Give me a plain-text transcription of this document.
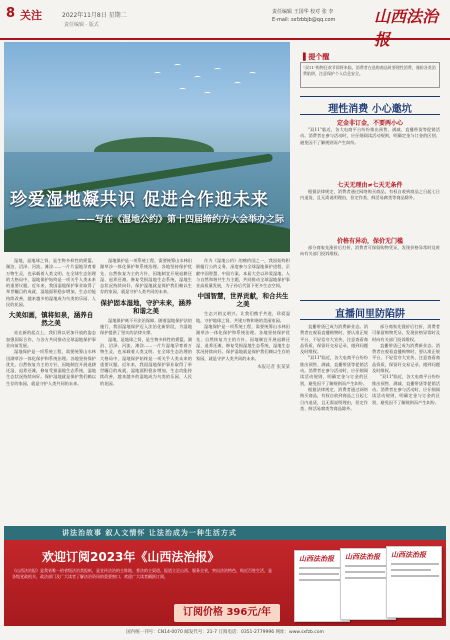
8 关注	2022年11月8日 星期二
责任编辑 · 版式
责任编辑 王国华 校对 张 李
E-mail: sxfzbbjb@qq.com 山西法治报
珍爱湿地凝共识 促进合作迎未来
——写在《湿地公约》第十四届缔约方大会举办之际

湿地，是地球之肾，是生物多样性的摇篮。湖泊、沼泽、河流、滩涂……一片片湿地孕育着万物生灵，也承载着人类文明。在全球生态治理的大格局中，湿地保护始终是一项关乎人类未来的重要议题。近年来，我国湿地保护事业取得了举世瞩目的成就，湿地面积稳步增加，生态功能持续改善，越来越多的湿地成为鸟类的乐园、人民的花园。

大美如画，镇将如泉，涵养自然之美

站在新的起点上，我们将以更加开放的姿态加强国际合作，与各方共同推动全球湿地保护事业向前发展。

湿地保护是一项系统工程，需要统筹山水林田湖草沙一体化保护和系统治理。各地坚持保护优先、自然恢复为主的方针，因地制宜开展退耕还湿、退养还滩，修复受损湿地生态系统，湿地生态状况持续向好。保护湿地就是保护我们赖以生存的家园，就是守护人类共同的未来。

湿地保护是一项系统工程，需要统筹山水林田湖草沙一体化保护和系统治理。各地坚持保护优先、自然恢复为主的方针，因地制宜开展退耕还湿、退养还滩，修复受损湿地生态系统，湿地生态状况持续向好。保护湿地就是保护我们赖以生存的家园，就是守护人类共同的未来。

保护固本湿地，守护未来，涵养和谐之美

湿地保护离不开法治保障。随着湿地保护法的施行，我国湿地保护迈入法治化新阶段，为湿地保护提供了坚实的法律支撑。

湿地，是地球之肾，是生物多样性的摇篮。湖泊、沼泽、河流、滩涂……一片片湿地孕育着万物生灵，也承载着人类文明。在全球生态治理的大格局中，湿地保护始终是一项关乎人类未来的重要议题。近年来，我国湿地保护事业取得了举世瞩目的成就，湿地面积稳步增加，生态功能持续改善，越来越多的湿地成为鸟类的乐园、人民的花园。

作为《湿地公约》的缔约国之一，我国始终积极履行公约义务，深度参与全球湿地保护进程，贡献中国智慧、中国方案。本届大会以珍爱湿地、人与自然和谐共生为主题，共同推动全球湿地保护事业高质量发展，为子孙后代留下更多生态空间。

中国智慧，世界贡献，和合共生之美

生态兴则文明兴。让我们携手共进，珍爱湿地，守护地球之肾，共建万物和谐的美丽家园。

湿地保护是一项系统工程，需要统筹山水林田湖草沙一体化保护和系统治理。各地坚持保护优先、自然恢复为主的方针，因地制宜开展退耕还湿、退养还滩，修复受损湿地生态系统，湿地生态状况持续向好。保护湿地就是保护我们赖以生存的家园，就是守护人类共同的未来。

本报记者 张某某
▌提个醒
"双11"购物狂欢节即将来临，消费者在选购商品时要理性消费，谨防各类消费陷阱，注意保护个人信息安全。
理性消费 小心邀坑
定金非订金，不要两小心

"双11"临近，各大电商平台纷纷推出预售、满减、直播带货等促销活动。消费者在参与活动时，应仔细阅读活动规则，明确定金与订金的区别，避免因不了解规则而产生纠纷。

七天无理由≠七天无条件

根据法律规定，消费者通过网络购买商品，有权自收到商品之日起七日内退货，且无需说明理由，但定作类、鲜活易腐类等商品除外。

价格有异动，保价无门槛

部分商家先涨价后打折，消费者可保留购物凭证，发现价格异常时及时向有关部门投诉维权。

直播间里防陷阱

直播带货已成为消费新业态。消费者在观看直播购物时，要认准正规平台，不轻信夸大宣传，注意查看商品资质，保留好交易记录，遇到问题及时维权。

"双11"临近，各大电商平台纷纷推出预售、满减、直播带货等促销活动。消费者在参与活动时，应仔细阅读活动规则，明确定金与订金的区别，避免因不了解规则而产生纠纷。

根据法律规定，消费者通过网络购买商品，有权自收到商品之日起七日内退货，且无需说明理由，但定作类、鲜活易腐类等商品除外。

部分商家先涨价后打折，消费者可保留购物凭证，发现价格异常时及时向有关部门投诉维权。

直播带货已成为消费新业态。消费者在观看直播购物时，要认准正规平台，不轻信夸大宣传，注意查看商品资质，保留好交易记录，遇到问题及时维权。

"双11"临近，各大电商平台纷纷推出预售、满减、直播带货等促销活动。消费者在参与活动时，应仔细阅读活动规则，明确定金与订金的区别，避免因不了解规则而产生纠纷。

讲法治故事 叙人文情怀 让法治成为一种生活方式
欢迎订阅2023年《山西法治报》
《山西法治报》是我省唯一的省级法治类报纸，是宣传法治的主阵地、普法的主渠道。报道立足山西、服务全省，突出法治特色，贴近百姓生活，是各级党政机关、政法部门及广大读者了解法治资讯的重要窗口，欢迎广大读者踊跃订阅。
订阅价格 396元/年
山西法治报 山西法治报 山西法治报
国内统一刊号：CN14-0070 邮发代号：21-7 订阅电话：0351-2779996 网址：www.sxfzb.com
